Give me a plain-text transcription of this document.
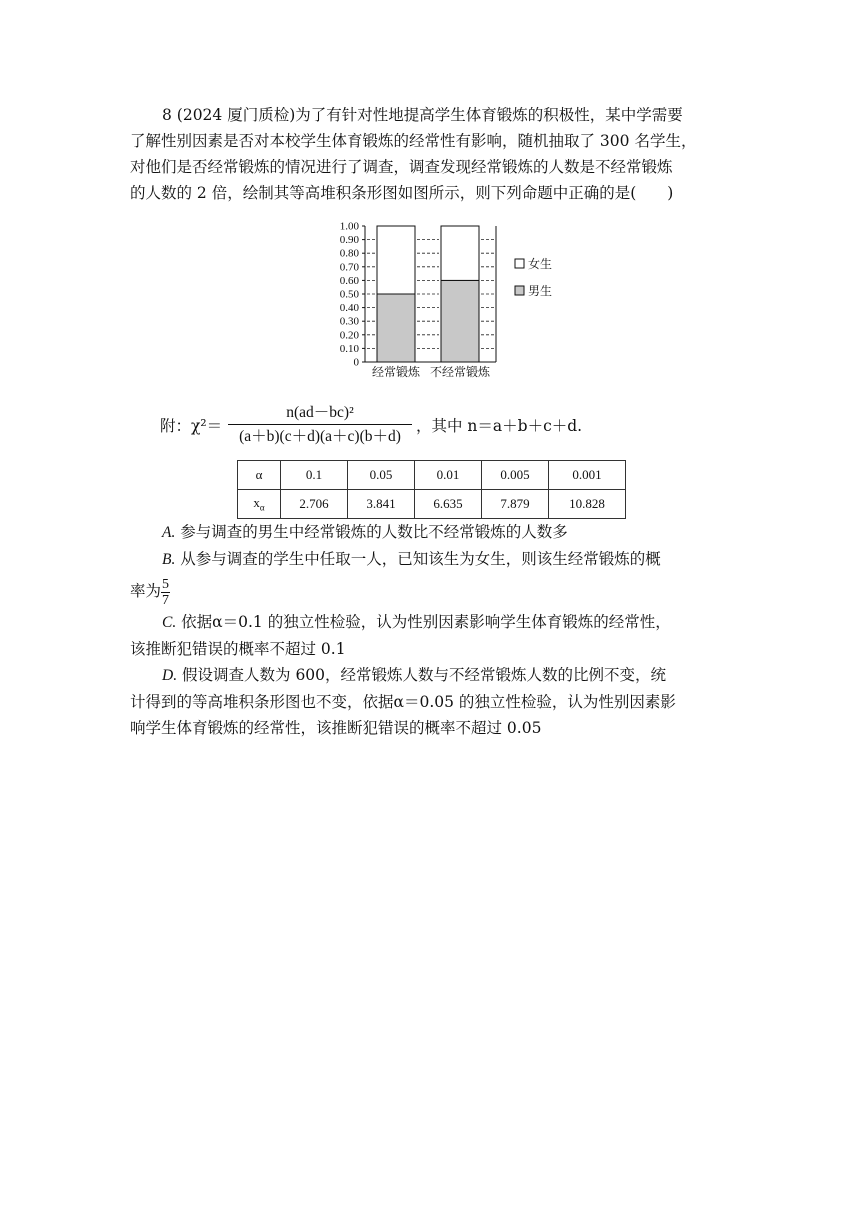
8 (2024 厦门质检)为了有针对性地提高学生体育锻炼的积极性，某中学需要
了解性别因素是否对本校学生体育锻炼的经常性有影响，随机抽取了 300 名学生，
对他们是否经常锻炼的情况进行了调查，调查发现经常锻炼的人数是不经常锻炼
的人数的 2 倍，绘制其等高堆积条形图如图所示，则下列命题中正确的是(　　)
0
0.10
0.20
0.30
0.40
0.50
0.60
0.70
0.80
0.90
1.00
经常锻炼 不经常锻炼
女生
男生
附：χ²＝
n(ad－bc)²
(a＋b)(c＋d)(a＋c)(b＋d)
，其中 n＝a＋b＋c＋d.
α	0.1	0.05	0.01	0.005	0.001
$x_\alpha$	2.706	3.841	6.635	7.879	10.828
A. 参与调查的男生中经常锻炼的人数比不经常锻炼的人数多
B. 从参与调查的学生中任取一人，已知该生为女生，则该生经常锻炼的概
率为 $\frac{5}{7}$
C. 依据α＝0.1 的独立性检验，认为性别因素影响学生体育锻炼的经常性，
该推断犯错误的概率不超过 0.1
D. 假设调查人数为 600，经常锻炼人数与不经常锻炼人数的比例不变，统
计得到的等高堆积条形图也不变，依据α＝0.05 的独立性检验，认为性别因素影
响学生体育锻炼的经常性，该推断犯错误的概率不超过 0.05
